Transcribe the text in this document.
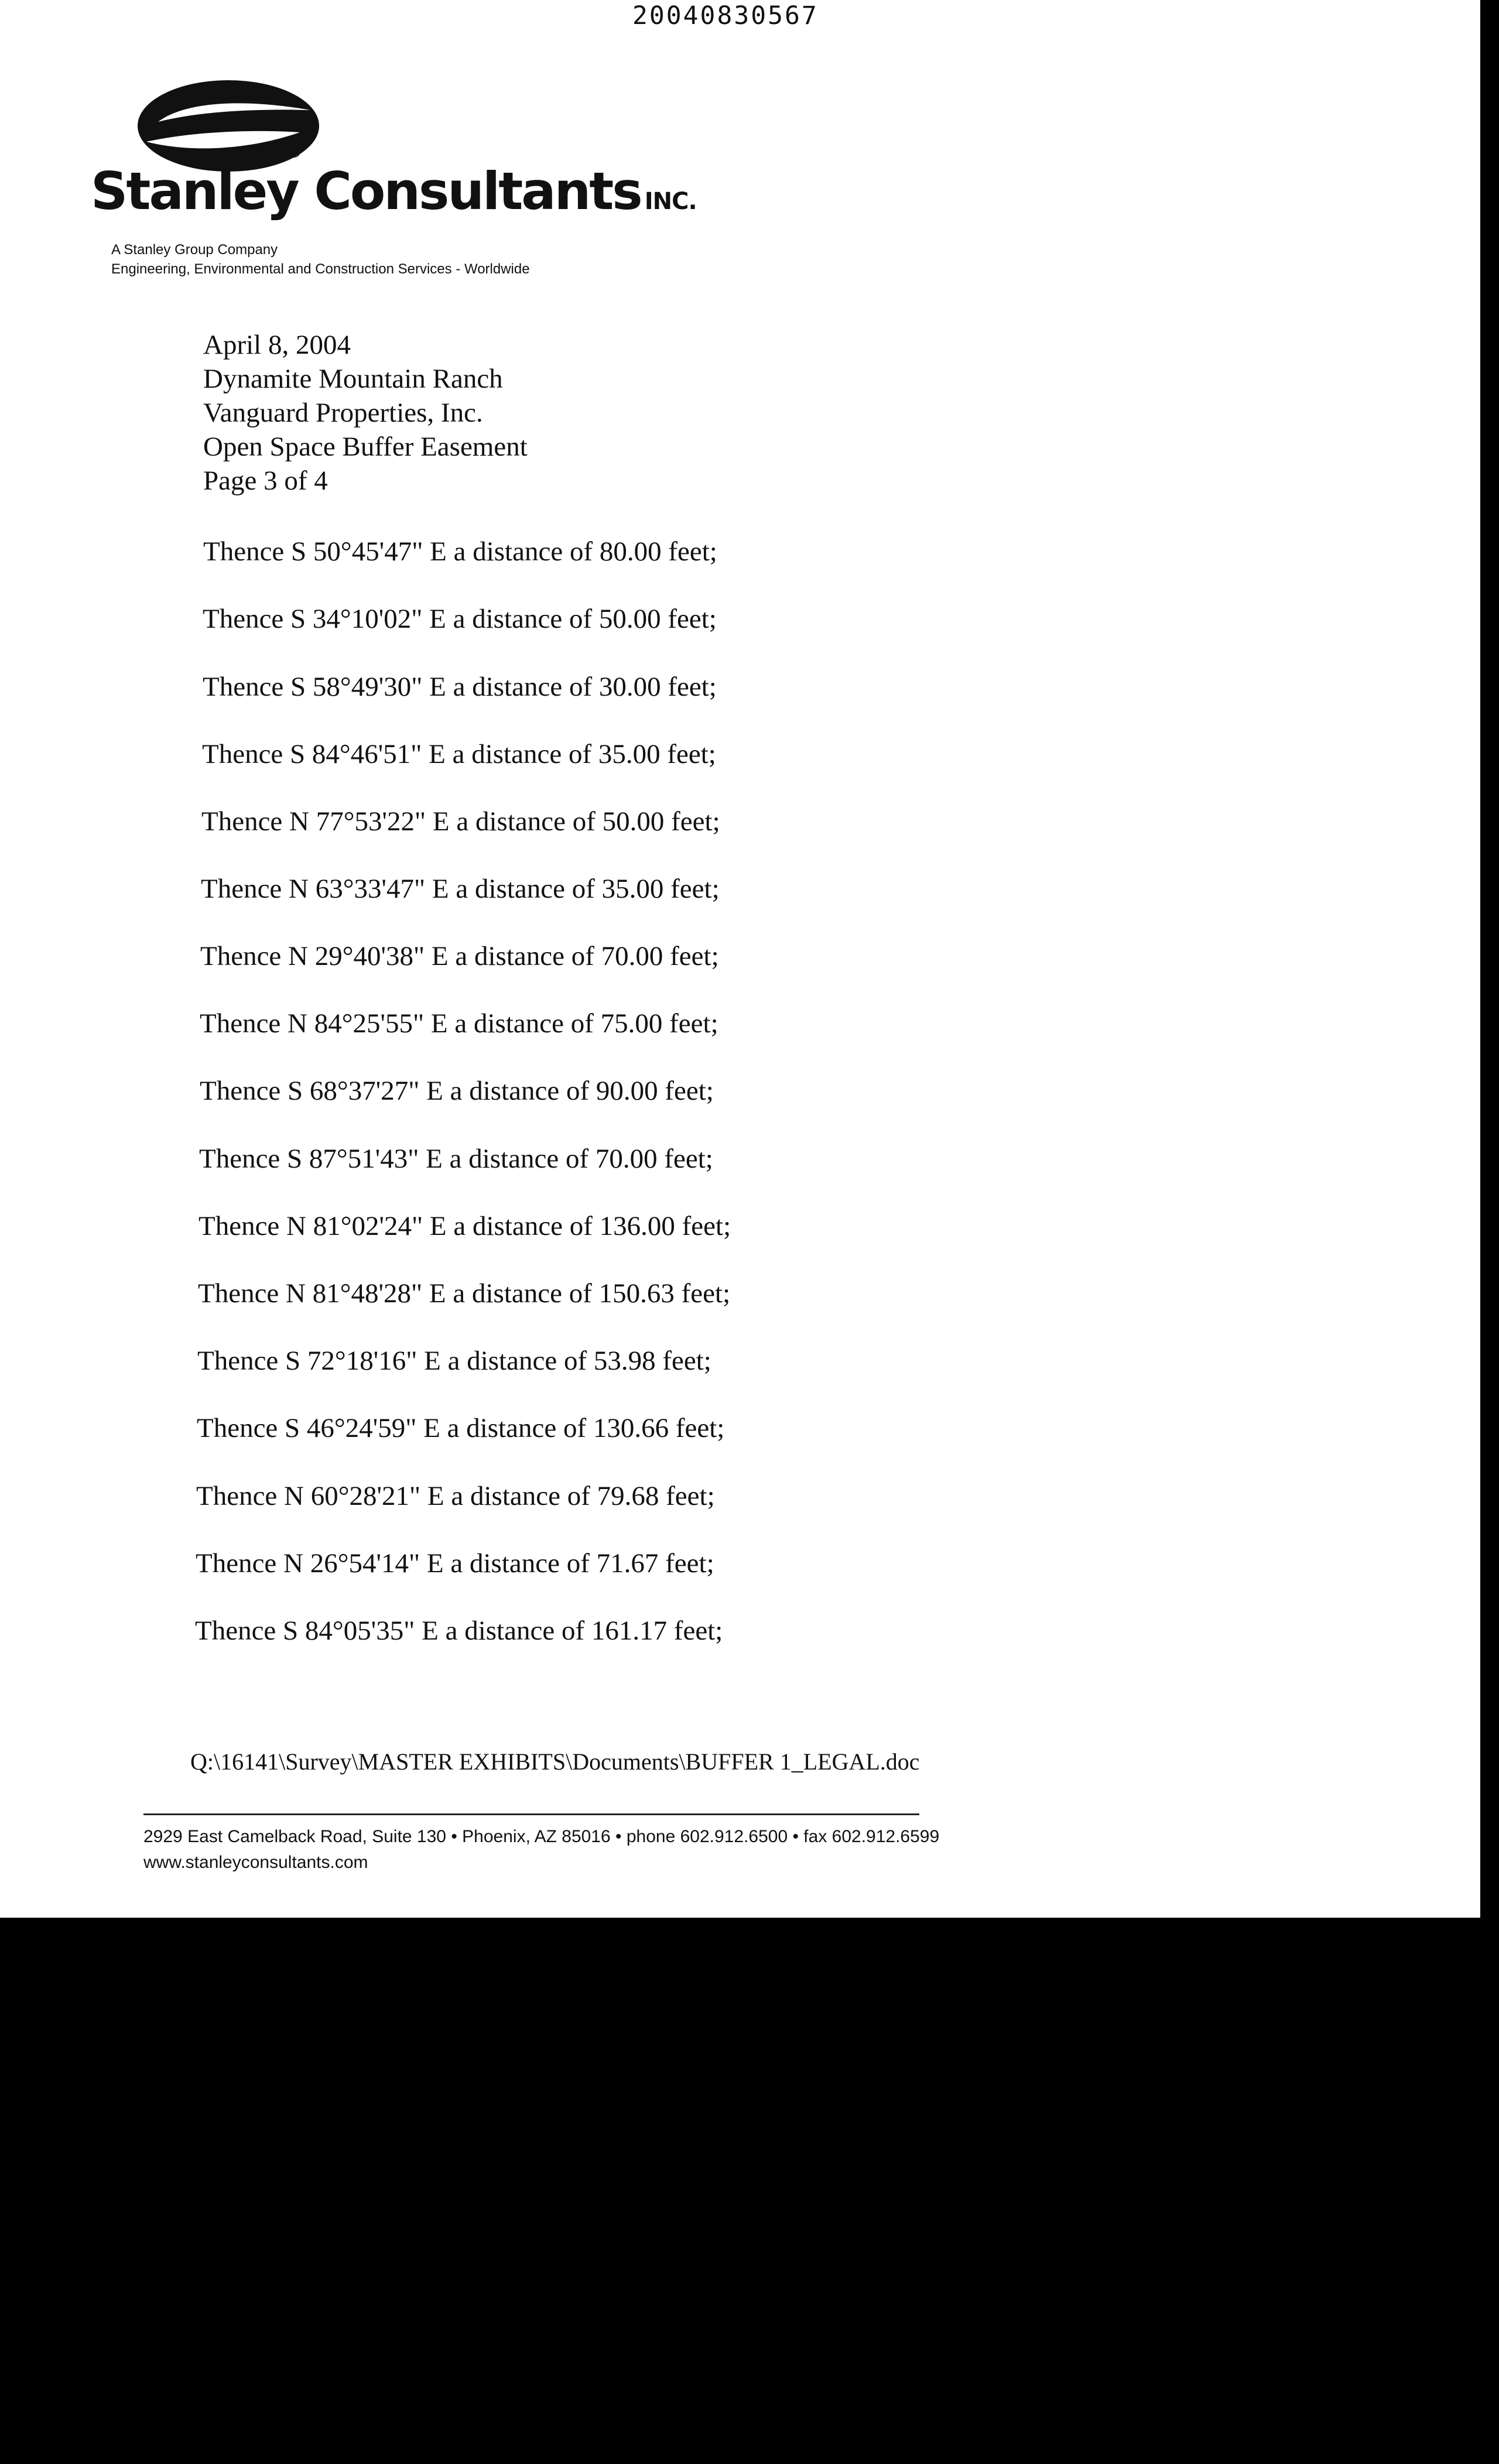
20040830567
Stanley Consultants INC.
®
A Stanley Group Company
Engineering, Environmental and Construction Services - Worldwide
April 8, 2004
Dynamite Mountain Ranch
Vanguard Properties, Inc.
Open Space Buffer Easement
Page 3 of 4
Thence S 50°45'47" E a distance of 80.00 feet;
Thence S 34°10'02" E a distance of 50.00 feet;
Thence S 58°49'30" E a distance of 30.00 feet;
Thence S 84°46'51" E a distance of 35.00 feet;
Thence N 77°53'22" E a distance of 50.00 feet;
Thence N 63°33'47" E a distance of 35.00 feet;
Thence N 29°40'38" E a distance of 70.00 feet;
Thence N 84°25'55" E a distance of 75.00 feet;
Thence S 68°37'27" E a distance of 90.00 feet;
Thence S 87°51'43" E a distance of 70.00 feet;
Thence N 81°02'24" E a distance of 136.00 feet;
Thence N 81°48'28" E a distance of 150.63 feet;
Thence S 72°18'16" E a distance of 53.98 feet;
Thence S 46°24'59" E a distance of 130.66 feet;
Thence N 60°28'21" E a distance of 79.68 feet;
Thence N 26°54'14" E a distance of 71.67 feet;
Thence S 84°05'35" E a distance of 161.17 feet;
Q:\16141\Survey\MASTER EXHIBITS\Documents\BUFFER 1_LEGAL.doc
2929 East Camelback Road, Suite 130 • Phoenix, AZ 85016 • phone 602.912.6500 • fax 602.912.6599
www.stanleyconsultants.com
